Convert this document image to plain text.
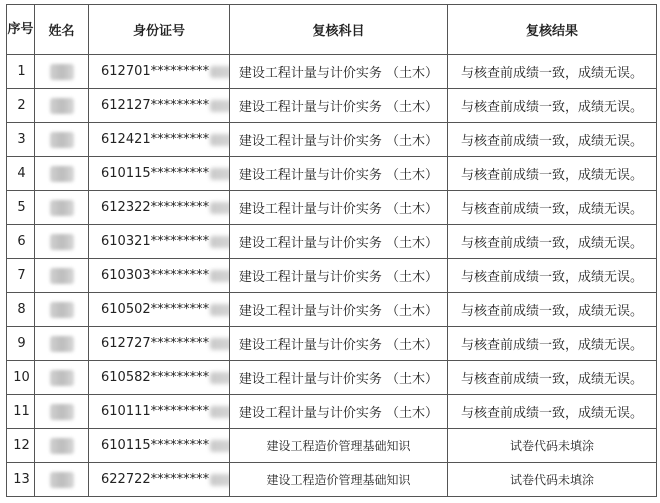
序号	姓名	身份证号	复核科目	复核结果
1		612701*********	建设工程计量与计价实务 （土木）	与核查前成绩一致，成绩无误。
2		612127*********	建设工程计量与计价实务 （土木）	与核查前成绩一致，成绩无误。
3		612421*********	建设工程计量与计价实务 （土木）	与核查前成绩一致，成绩无误。
4		610115*********	建设工程计量与计价实务 （土木）	与核查前成绩一致，成绩无误。
5		612322*********	建设工程计量与计价实务 （土木）	与核查前成绩一致，成绩无误。
6		610321*********	建设工程计量与计价实务 （土木）	与核查前成绩一致，成绩无误。
7		610303*********	建设工程计量与计价实务 （土木）	与核查前成绩一致，成绩无误。
8		610502*********	建设工程计量与计价实务 （土木）	与核查前成绩一致，成绩无误。
9		612727*********	建设工程计量与计价实务 （土木）	与核查前成绩一致，成绩无误。
10		610582*********	建设工程计量与计价实务 （土木）	与核查前成绩一致，成绩无误。
11		610111*********	建设工程计量与计价实务 （土木）	与核查前成绩一致，成绩无误。
12		610115*********	建设工程造价管理基础知识	试卷代码未填涂
13		622722*********	建设工程造价管理基础知识	试卷代码未填涂
